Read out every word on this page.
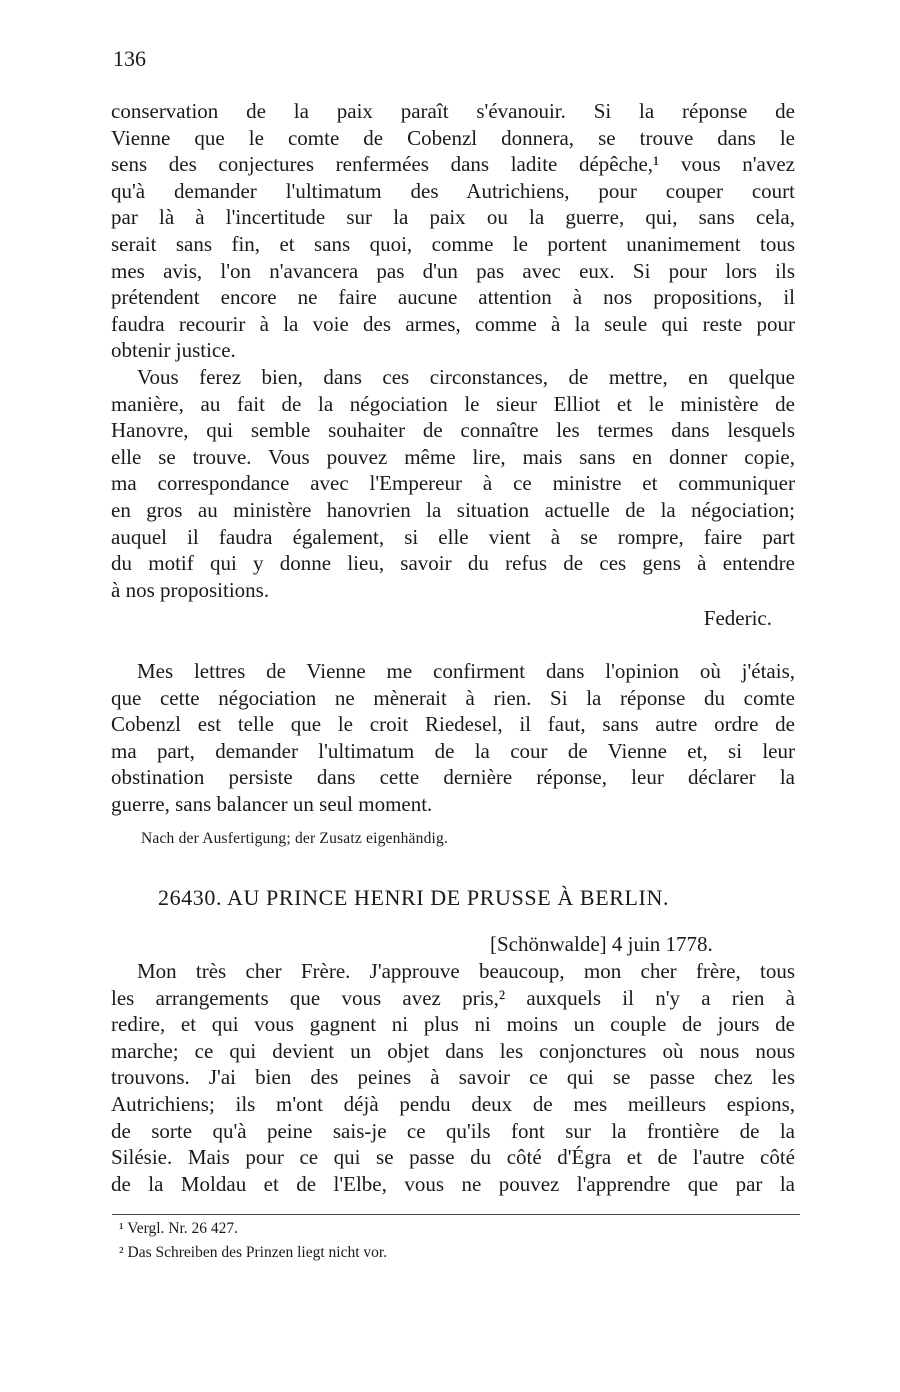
136
conservation de la paix paraît s'évanouir. Si la réponse de
Vienne que le comte de Cobenzl donnera, se trouve dans le
sens des conjectures renfermées dans ladite dépêche,¹ vous n'avez
qu'à demander l'ultimatum des Autrichiens, pour couper court
par là à l'incertitude sur la paix ou la guerre, qui, sans cela,
serait sans fin, et sans quoi, comme le portent unanimement tous
mes avis, l'on n'avancera pas d'un pas avec eux. Si pour lors ils
prétendent encore ne faire aucune attention à nos propositions, il
faudra recourir à la voie des armes, comme à la seule qui reste pour
obtenir justice.
Vous ferez bien, dans ces circonstances, de mettre, en quelque
manière, au fait de la négociation le sieur Elliot et le ministère de
Hanovre, qui semble souhaiter de connaître les termes dans lesquels
elle se trouve. Vous pouvez même lire, mais sans en donner copie,
ma correspondance avec l'Empereur à ce ministre et communiquer
en gros au ministère hanovrien la situation actuelle de la négociation;
auquel il faudra également, si elle vient à se rompre, faire part
du motif qui y donne lieu, savoir du refus de ces gens à entendre
à nos propositions.
Federic.
Mes lettres de Vienne me confirment dans l'opinion où j'étais,
que cette négociation ne mènerait à rien. Si la réponse du comte
Cobenzl est telle que le croit Riedesel, il faut, sans autre ordre de
ma part, demander l'ultimatum de la cour de Vienne et, si leur
obstination persiste dans cette dernière réponse, leur déclarer la
guerre, sans balancer un seul moment.
Nach der Ausfertigung; der Zusatz eigenhändig.
26430. AU PRINCE HENRI DE PRUSSE À BERLIN.
[Schönwalde] 4 juin 1778.
Mon très cher Frère. J'approuve beaucoup, mon cher frère, tous
les arrangements que vous avez pris,² auxquels il n'y a rien à
redire, et qui vous gagnent ni plus ni moins un couple de jours de
marche; ce qui devient un objet dans les conjonctures où nous nous
trouvons. J'ai bien des peines à savoir ce qui se passe chez les
Autrichiens; ils m'ont déjà pendu deux de mes meilleurs espions,
de sorte qu'à peine sais-je ce qu'ils font sur la frontière de la
Silésie. Mais pour ce qui se passe du côté d'Égra et de l'autre côté
de la Moldau et de l'Elbe, vous ne pouvez l'apprendre que par la
¹ Vergl. Nr. 26 427.
² Das Schreiben des Prinzen liegt nicht vor.
